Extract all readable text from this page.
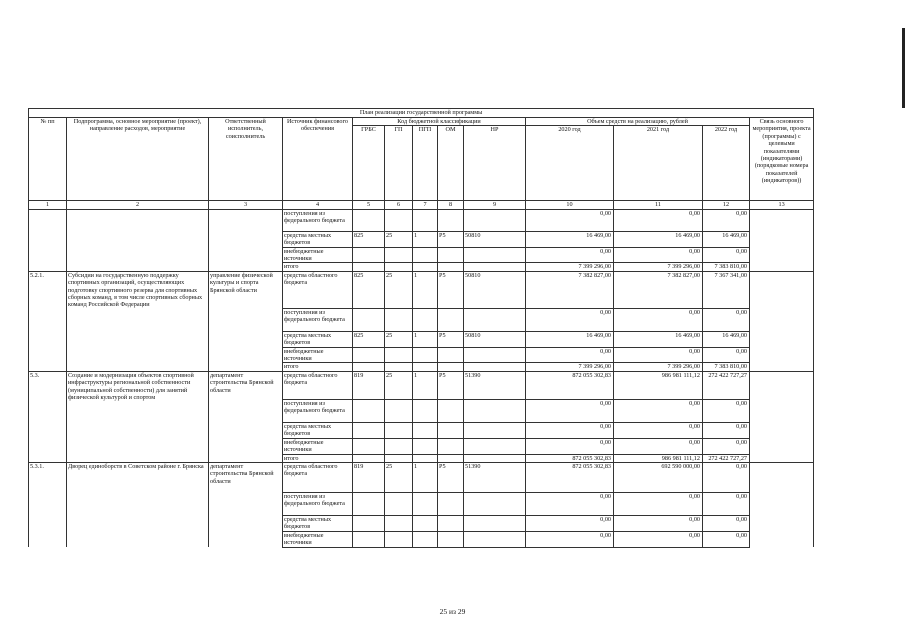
План реализации государственной программы												
№ пп	Подпрограмма, основное мероприятие (проект), направление расходов, мероприятие	Ответственный исполнитель, соисполнитель	Источник финансового обеспечения	Код бюджетной классификации					Объем средств на реализацию, рублей			Связь основного мероприятия, проекта (программы) с целевыми показателями (индикаторами) (порядковые номера показателей (индикаторов))
				ГРБС	ГП	ПГП	ОМ	НР	2020 год	2021 год	2022 год	
1	2	3	4	5	6	7	8	9	10	11	12	13
			поступления из федерального бюджета						0,00	0,00	0,00	
			средства местных бюджетов	825	25	1	P5	50810	16 469,00	16 469,00	16 469,00	
			внебюджетные источники						0,00	0,00	0,00	
			итого						7 399 296,00	7 399 296,00	7 383 810,00	
5.2.1.	Субсидии на государственную поддержку спортивных организаций, осуществляющих подготовку спортивного резерва для спортивных сборных команд, в том числе спортивных сборных команд Российской Федерации	управление физической культуры и спорта Брянской области	средства областного бюджета	825	25	1	P5	50810	7 382 827,00	7 382 827,00	7 367 341,00	
			поступления из федерального бюджета						0,00	0,00	0,00	
			средства местных бюджетов	825	25	1	P5	50810	16 469,00	16 469,00	16 469,00	
			внебюджетные источники						0,00	0,00	0,00	
			итого						7 399 296,00	7 399 296,00	7 383 810,00	
5.3.	Создание и модернизация объектов спортивной инфраструктуры региональной собственности (муниципальной собственности) для занятий физической культурой и спортом	департамент строительства Брянской области	средства областного бюджета	819	25	1	P5	51390	872 055 302,83	986 981 111,12	272 422 727,27	
			поступления из федерального бюджета						0,00	0,00	0,00	
			средства местных бюджетов						0,00	0,00	0,00	
			внебюджетные источники						0,00	0,00	0,00	
			итого						872 055 302,83	986 981 111,12	272 422 727,27	
5.3.1.	Дворец единоборств в Советском районе г. Брянска	департамент строительства Брянской области	средства областного бюджета	819	25	1	P5	51390	872 055 302,83	692 590 000,00	0,00	
			поступления из федерального бюджета						0,00	0,00	0,00	
			средства местных бюджетов						0,00	0,00	0,00	
			внебюджетные источники						0,00	0,00	0,00	
25 из 29
